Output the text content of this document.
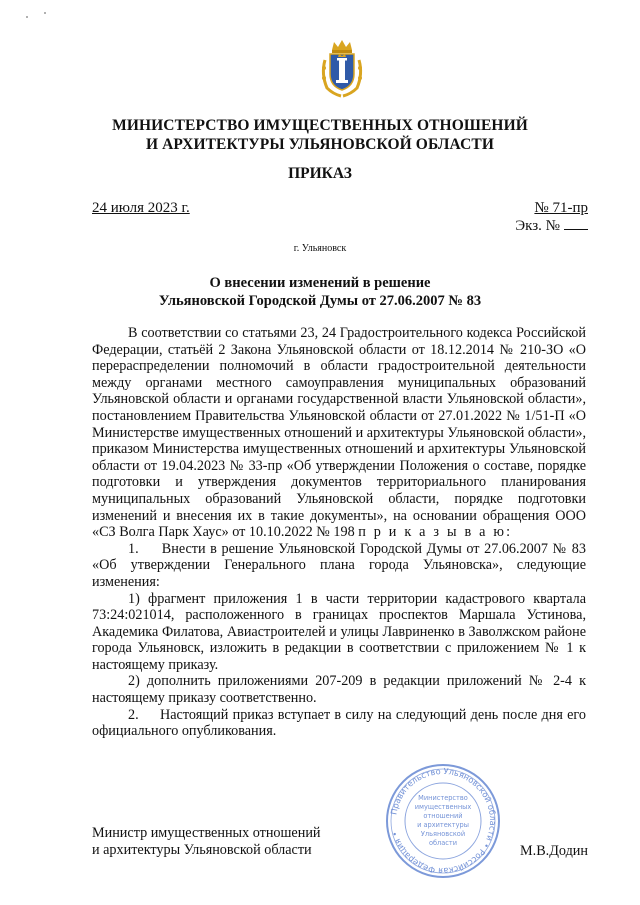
МИНИСТЕРСТВО ИМУЩЕСТВЕННЫХ ОТНОШЕНИЙ
И АРХИТЕКТУРЫ УЛЬЯНОВСКОЙ ОБЛАСТИ
ПРИКАЗ
24 июля 2023 г.	№ 71-пр
Экз. №
г. Ульяновск
О внесении изменений в решение
Ульяновской Городской Думы от 27.06.2007 № 83

В соответствии со статьями 23, 24 Градостроительного кодекса Российской Федерации, статьёй 2 Закона Ульяновской области от 18.12.2014 № 210-ЗО «О перераспределении полномочий в области градостроительной деятельности между органами местного самоуправления муниципальных образований Ульяновской области и органами государственной власти Ульяновской области», постановлением Правительства Ульяновской области от 27.01.2022 № 1/51-П «О Министерстве имущественных отношений и архитектуры Ульяновской области», приказом Министерства имущественных отношений и архитектуры Ульяновской области от 19.04.2023 № 33-пр «Об утверждении Положения о составе, порядке подготовки и утверждения документов территориального планирования муниципальных образований Ульяновской области, порядке подготовки изменений и внесения их в такие документы», на основании обращения ООО «СЗ Волга Парк Хаус» от 10.10.2022 № 198 п р и к а з ы в а ю:

1.     Внести в решение Ульяновской Городской Думы от 27.06.2007 № 83 «Об утверждении Генерального плана города Ульяновска», следующие изменения:

1) фрагмент приложения 1 в части территории кадастрового квартала 73:24:021014, расположенного в границах проспектов Маршала Устинова, Академика Филатова, Авиастроителей и улицы Лавриненко в Заволжском районе города Ульяновск, изложить в редакции в соответствии с приложением № 1 к настоящему приказу.

2) дополнить приложениями 207-209 в редакции приложений № 2-4 к настоящему приказу соответственно.

2.     Настоящий приказ вступает в силу на следующий день после дня его официального опубликования.

Правительство Ульяновской области • Российская Федерация •
Министерство
имущественных
отношений
и архитектуры
Ульяновской
области
Министр имущественных отношений
и архитектуры Ульяновской области	М.В.Додин
